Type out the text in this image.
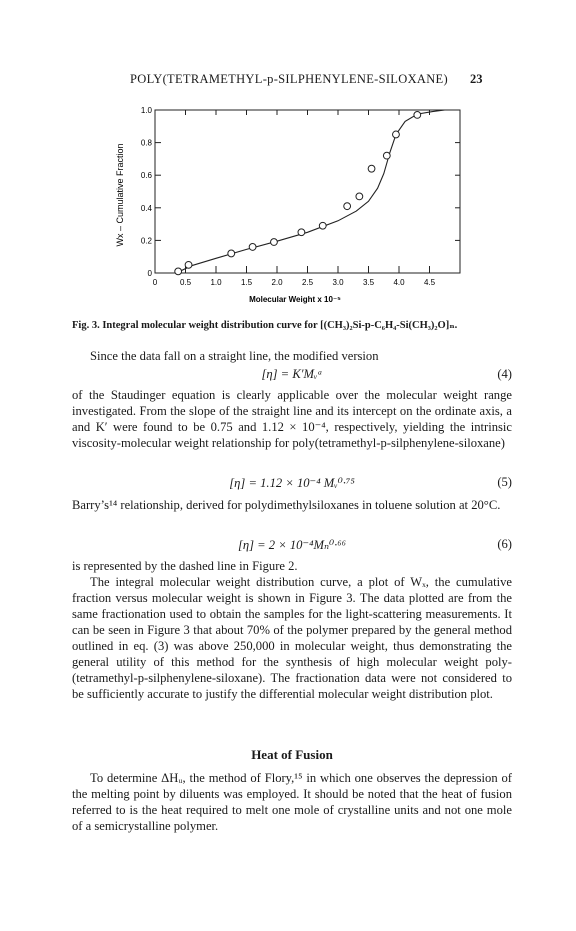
POLY(TETRAMETHYL-p-SILPHENYLENE-SILOXANE) 23
0	0.5 1.0 1.5 2.0 2.5 3.0 3.5 4.0 4.5
0
0.2
0.4
0.6
0.8
1.0
Wx – Cumulative Fraction
Molecular Weight x 10⁻⁵
Fig. 3. Integral molecular weight distribution curve for [(CH₃)₂Si-p-C₆H₄-Si(CH₃)₂O]ₙ.
Since the data fall on a straight line, the modified version
[η] = K′Mᵥᵃ	(4)
of the Staudinger equation is clearly applicable over the molecular weight range investigated. From the slope of the straight line and its intercept on the ordinate axis, a and K′ were found to be 0.75 and 1.12 × 10⁻⁴, respectively, yielding the intrinsic viscosity-molecular weight relationship for poly(tetramethyl-p-silphenylene-siloxane)
[η] = 1.12 × 10⁻⁴ Mᵥ⁰·⁷⁵	(5)
Barry’s¹⁴ relationship, derived for polydimethylsiloxanes in toluene solution at 20°C.
[η] = 2 × 10⁻⁴Mₙ⁰·⁶⁶	(6)
is represented by the dashed line in Figure 2.
The integral molecular weight distribution curve, a plot of Wₓ, the cumulative fraction versus molecular weight is shown in Figure 3. The data plotted are from the same fractionation used to obtain the samples for the light-scattering measurements. It can be seen in Figure 3 that about 70% of the polymer prepared by the general method outlined in eq. (3) was above 250,000 in molecular weight, thus demonstrating the general utility of this method for the synthesis of high molecular weight poly-(tetramethyl-p-silphenylene-siloxane). The fractionation data were not considered to be sufficiently accurate to justify the differential molecular weight distribution plot.
Heat of Fusion
To determine ΔHᵤ, the method of Flory,¹⁵ in which one observes the depression of the melting point by diluents was employed. It should be noted that the heat of fusion referred to is the heat required to melt one mole of crystalline units and not one mole of a semicrystalline polymer.
